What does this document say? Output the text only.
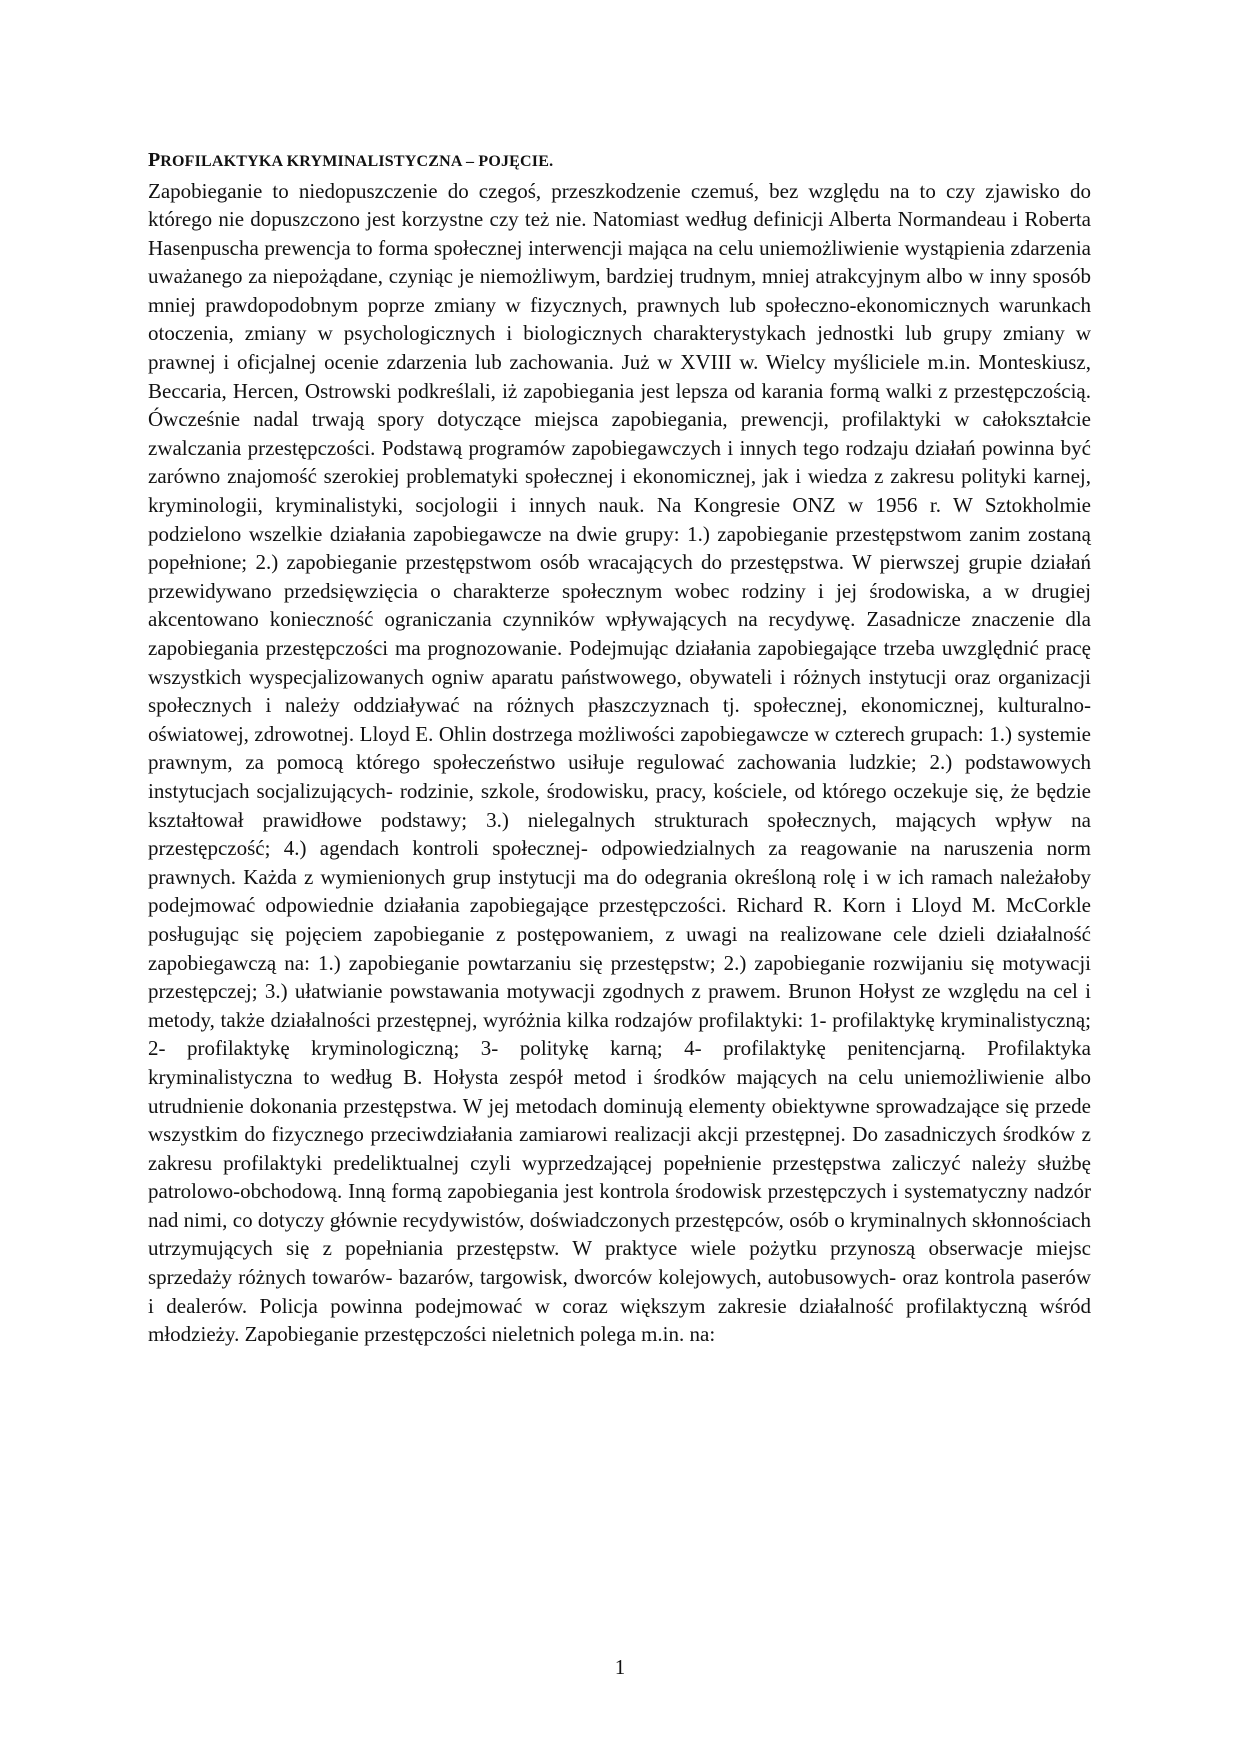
PROFILAKTYKA KRYMINALISTYCZNA – POJĘCIE.

Zapobieganie to niedopuszczenie do czegoś, przeszkodzenie czemuś, bez względu na to czy zjawisko do którego nie dopuszczono jest korzystne czy też nie. Natomiast według definicji Alberta Normandeau i Roberta Hasenpuscha prewencja to forma społecznej interwencji mająca na celu uniemożliwienie wystąpienia zdarzenia uważanego za niepożądane, czyniąc je niemożliwym, bardziej trudnym, mniej atrakcyjnym albo w inny sposób mniej prawdopodobnym poprze zmiany w fizycznych, prawnych lub społeczno-ekonomicznych warunkach otoczenia, zmiany w psychologicznych i biologicznych charakterystykach jednostki lub grupy zmiany w prawnej i oficjalnej ocenie zdarzenia lub zachowania. Już w XVIII w. Wielcy myśliciele m.in. Monteskiusz, Beccaria, Hercen, Ostrowski podkreślali, iż zapobiegania jest lepsza od karania formą walki z przestępczością. Ówcześnie nadal trwają spory dotyczące miejsca zapobiegania, prewencji, profilaktyki w całokształcie zwalczania przestępczości. Podstawą programów zapobiegawczych i innych tego rodzaju działań powinna być zarówno znajomość szerokiej problematyki społecznej i ekonomicznej, jak i wiedza z zakresu polityki karnej, kryminologii, kryminalistyki, socjologii i innych nauk. Na Kongresie ONZ w 1956 r. W Sztokholmie podzielono wszelkie działania zapobiegawcze na dwie grupy: 1.) zapobieganie przestępstwom zanim zostaną popełnione; 2.) zapobieganie przestępstwom osób wracających do przestępstwa. W pierwszej grupie działań przewidywano przedsięwzięcia o charakterze społecznym wobec rodziny i jej środowiska, a w drugiej akcentowano konieczność ograniczania czynników wpływających na recydywę. Zasadnicze znaczenie dla zapobiegania przestępczości ma prognozowanie. Podejmując działania zapobiegające trzeba uwzględnić pracę wszystkich wyspecjalizowanych ogniw aparatu państwowego, obywateli i różnych instytucji oraz organizacji społecznych i należy oddziaływać na różnych płaszczyznach tj. społecznej, ekonomicznej, kulturalno-oświatowej, zdrowotnej. Lloyd E. Ohlin dostrzega możliwości zapobiegawcze w czterech grupach: 1.) systemie prawnym, za pomocą którego społeczeństwo usiłuje regulować zachowania ludzkie; 2.) podstawowych instytucjach socjalizujących- rodzinie, szkole, środowisku, pracy, kościele, od którego oczekuje się, że będzie kształtował prawidłowe podstawy; 3.) nielegalnych strukturach społecznych, mających wpływ na przestępczość; 4.) agendach kontroli społecznej- odpowiedzialnych za reagowanie na naruszenia norm prawnych. Każda z wymienionych grup instytucji ma do odegrania określoną rolę i w ich ramach należałoby podejmować odpowiednie działania zapobiegające przestępczości. Richard R. Korn i Lloyd M. McCorkle posługując się pojęciem zapobieganie z postępowaniem, z uwagi na realizowane cele dzieli działalność zapobiegawczą na: 1.) zapobieganie powtarzaniu się przestępstw; 2.) zapobieganie rozwijaniu się motywacji przestępczej; 3.) ułatwianie powstawania motywacji zgodnych z prawem. Brunon Hołyst ze względu na cel i metody, także działalności przestępnej, wyróżnia kilka rodzajów profilaktyki: 1- profilaktykę kryminalistyczną; 2- profilaktykę kryminologiczną; 3- politykę karną; 4- profilaktykę penitencjarną. Profilaktyka kryminalistyczna to według B. Hołysta zespół metod i środków mających na celu uniemożliwienie albo utrudnienie dokonania przestępstwa. W jej metodach dominują elementy obiektywne sprowadzające się przede wszystkim do fizycznego przeciwdziałania zamiarowi realizacji akcji przestępnej. Do zasadniczych środków z zakresu profilaktyki predeliktualnej czyli wyprzedzającej popełnienie przestępstwa zaliczyć należy służbę patrolowo-obchodową. Inną formą zapobiegania jest kontrola środowisk przestępczych i systematyczny nadzór nad nimi, co dotyczy głównie recydywistów, doświadczonych przestępców, osób o kryminalnych skłonnościach utrzymujących się z popełniania przestępstw. W praktyce wiele pożytku przynoszą obserwacje miejsc sprzedaży różnych towarów- bazarów, targowisk, dworców kolejowych, autobusowych- oraz kontrola paserów i dealerów. Policja powinna podejmować w coraz większym zakresie działalność profilaktyczną wśród młodzieży. Zapobieganie przestępczości nieletnich polega m.in. na:

1
